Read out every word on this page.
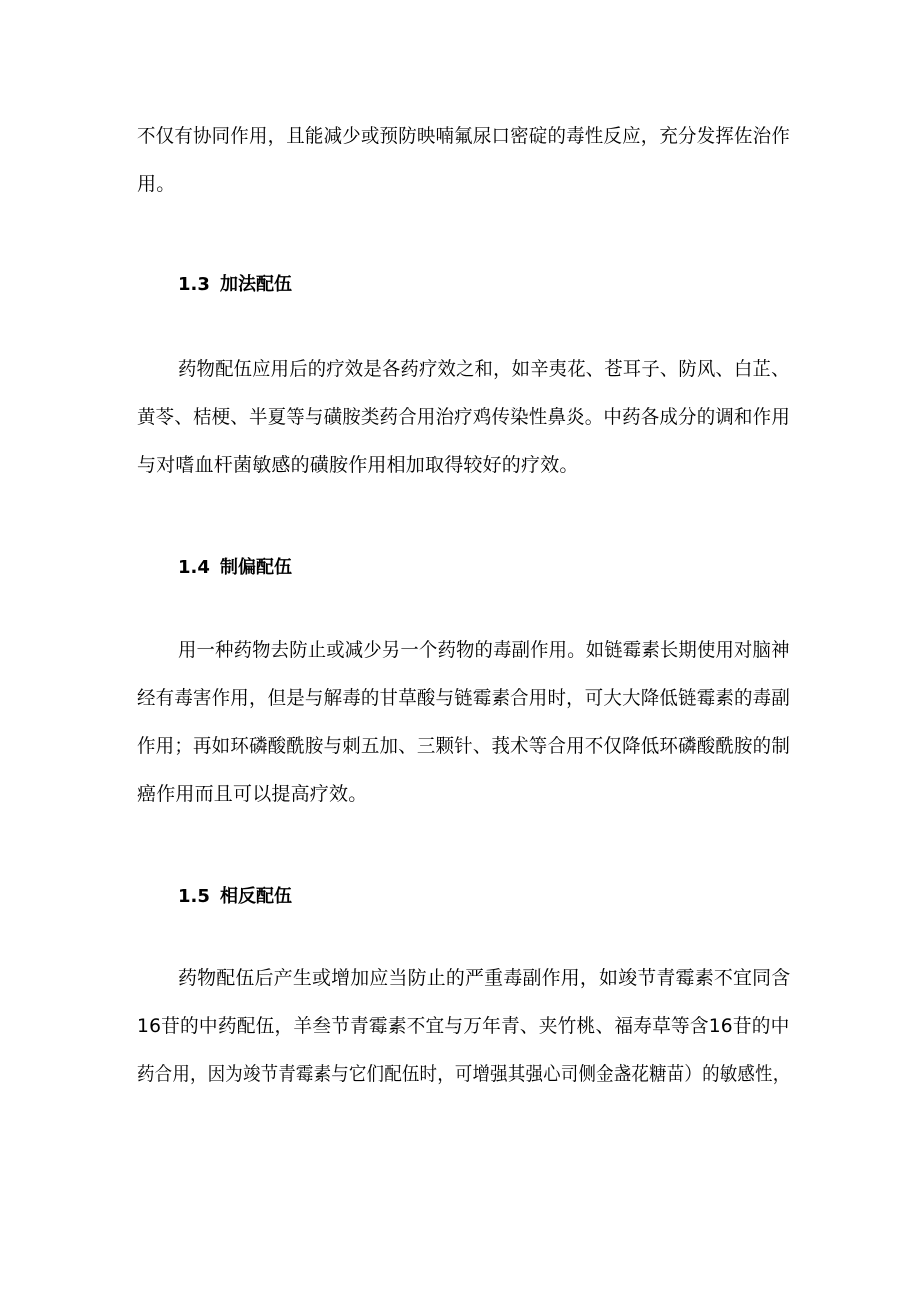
不仅有协同作用，且能减少或预防映喃氟尿口密碇的毒性反应，充分发挥佐治作
用。
1.3 加法配伍
药物配伍应用后的疗效是各药疗效之和，如辛夷花、苍耳子、防风、白芷、
黄苓、桔梗、半夏等与磺胺类药合用治疗鸡传染性鼻炎。中药各成分的调和作用
与对嗜血杆菌敏感的磺胺作用相加取得较好的疗效。
1.4 制偏配伍
用一种药物去防止或减少另一个药物的毒副作用。如链霉素长期使用对脑神
经有毒害作用，但是与解毒的甘草酸与链霉素合用时，可大大降低链霉素的毒副
作用；再如环磷酸酰胺与刺五加、三颗针、莪术等合用不仅降低环磷酸酰胺的制
癌作用而且可以提高疗效。
1.5 相反配伍
药物配伍后产生或增加应当防止的严重毒副作用，如竣节青霉素不宜同含
16苷的中药配伍，羊叁节青霉素不宜与万年青、夹竹桃、福寿草等含16苷的中
药合用，因为竣节青霉素与它们配伍时，可增强其强心司侧金盏花糖苗）的敏感性，
